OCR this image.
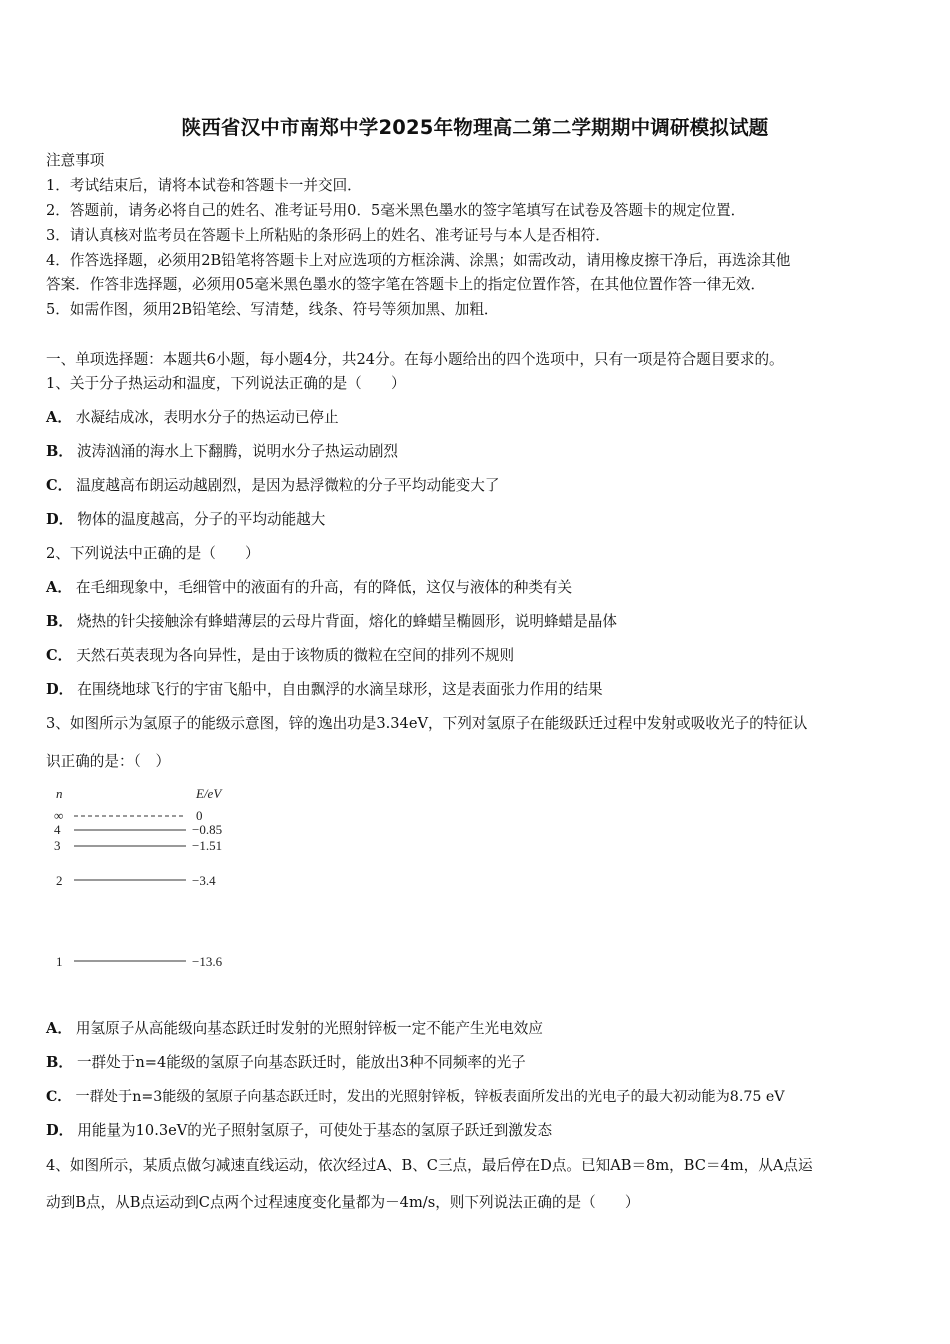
陕西省汉中市南郑中学2025年物理高二第二学期期中调研模拟试题
注意事项
1．考试结束后，请将本试卷和答题卡一并交回．
2．答题前，请务必将自己的姓名、准考证号用0．5毫米黑色墨水的签字笔填写在试卷及答题卡的规定位置．
3．请认真核对监考员在答题卡上所粘贴的条形码上的姓名、准考证号与本人是否相符．
4．作答选择题，必须用2B铅笔将答题卡上对应选项的方框涂满、涂黑；如需改动，请用橡皮擦干净后，再选涂其他
答案．作答非选择题，必须用05毫米黑色墨水的签字笔在答题卡上的指定位置作答，在其他位置作答一律无效．
5．如需作图，须用2B铅笔绘、写清楚，线条、符号等须加黑、加粗．
一、单项选择题：本题共6小题，每小题4分，共24分。在每小题给出的四个选项中，只有一项是符合题目要求的。
1、关于分子热运动和温度，下列说法正确的是（　　）
A． 水凝结成冰，表明水分子的热运动已停止
B． 波涛汹涌的海水上下翻腾，说明水分子热运动剧烈
C． 温度越高布朗运动越剧烈，是因为悬浮微粒的分子平均动能变大了
D． 物体的温度越高，分子的平均动能越大
2、下列说法中正确的是（　　）
A． 在毛细现象中，毛细管中的液面有的升高，有的降低，这仅与液体的种类有关
B． 烧热的针尖接触涂有蜂蜡薄层的云母片背面，熔化的蜂蜡呈椭圆形，说明蜂蜡是晶体
C． 天然石英表现为各向异性，是由于该物质的微粒在空间的排列不规则
D． 在围绕地球飞行的宇宙飞船中，自由飘浮的水滴呈球形，这是表面张力作用的结果
3、如图所示为氢原子的能级示意图，锌的逸出功是3.34eV，下列对氢原子在能级跃迁过程中发射或吸收光子的特征认
识正确的是：（　）
n	E/eV
∞	0
4	−0.85
3	−1.51
2	−3.4
1	−13.6
A． 用氢原子从高能级向基态跃迁时发射的光照射锌板一定不能产生光电效应
B． 一群处于n=4能级的氢原子向基态跃迁时，能放出3种不同频率的光子
C． 一群处于n=3能级的氢原子向基态跃迁时，发出的光照射锌板，锌板表面所发出的光电子的最大初动能为8.75 eV
D． 用能量为10.3eV的光子照射氢原子，可使处于基态的氢原子跃迁到激发态
4、如图所示，某质点做匀减速直线运动，依次经过A、B、C三点，最后停在D点。已知AB＝8m，BC＝4m，从A点运
动到B点，从B点运动到C点两个过程速度变化量都为－4m/s，则下列说法正确的是（　　）
